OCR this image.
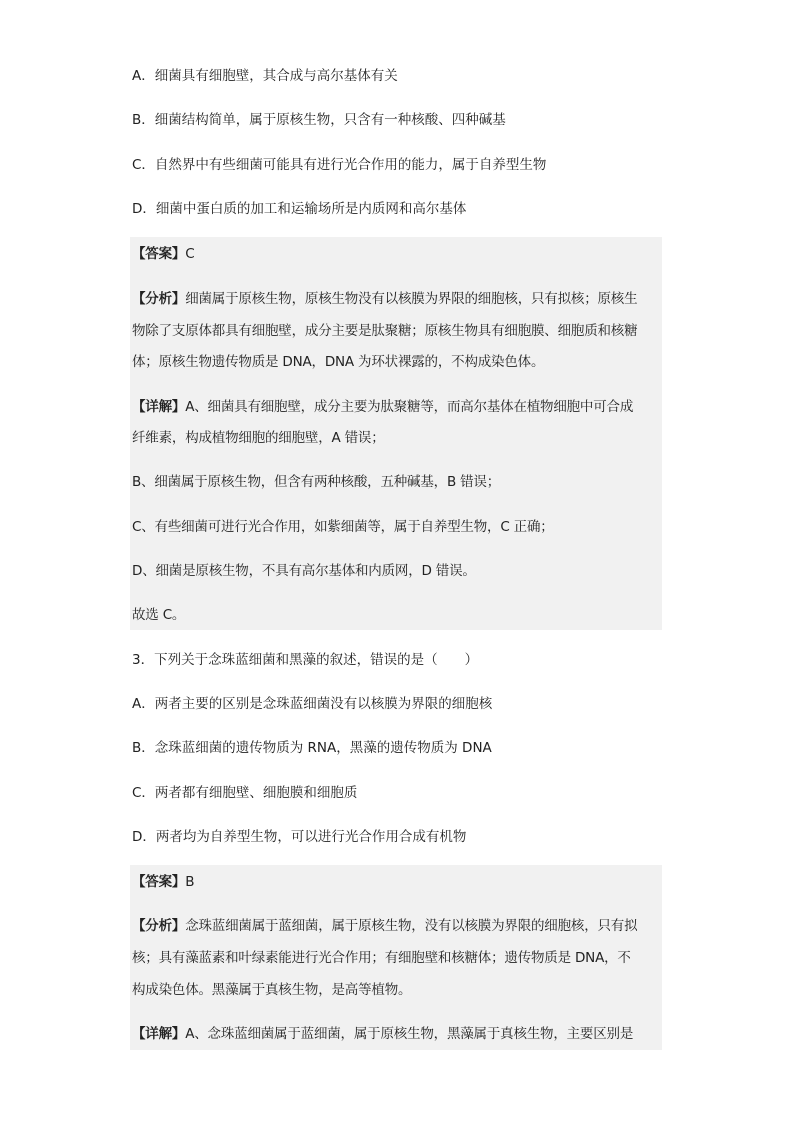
A．细菌具有细胞壁，其合成与高尔基体有关
B．细菌结构简单，属于原核生物，只含有一种核酸、四种碱基
C．自然界中有些细菌可能具有进行光合作用的能力，属于自养型生物
D．细菌中蛋白质的加工和运输场所是内质网和高尔基体
【答案】C
【分析】细菌属于原核生物，原核生物没有以核膜为界限的细胞核，只有拟核；原核生
物除了支原体都具有细胞壁，成分主要是肽聚糖；原核生物具有细胞膜、细胞质和核糖
体；原核生物遗传物质是 DNA，DNA 为环状裸露的，不构成染色体。
【详解】A、细菌具有细胞壁，成分主要为肽聚糖等，而高尔基体在植物细胞中可合成
纤维素，构成植物细胞的细胞壁，A 错误；
B、细菌属于原核生物，但含有两种核酸，五种碱基，B 错误；
C、有些细菌可进行光合作用，如紫细菌等，属于自养型生物，C 正确；
D、细菌是原核生物，不具有高尔基体和内质网，D 错误。
故选 C。
3．下列关于念珠蓝细菌和黑藻的叙述，错误的是（　　）
A．两者主要的区别是念珠蓝细菌没有以核膜为界限的细胞核
B．念珠蓝细菌的遗传物质为 RNA，黑藻的遗传物质为 DNA
C．两者都有细胞壁、细胞膜和细胞质
D．两者均为自养型生物，可以进行光合作用合成有机物
【答案】B
【分析】念珠蓝细菌属于蓝细菌，属于原核生物，没有以核膜为界限的细胞核，只有拟
核；具有藻蓝素和叶绿素能进行光合作用；有细胞壁和核糖体；遗传物质是 DNA，不
构成染色体。黑藻属于真核生物，是高等植物。
【详解】A、念珠蓝细菌属于蓝细菌，属于原核生物，黑藻属于真核生物，主要区别是
